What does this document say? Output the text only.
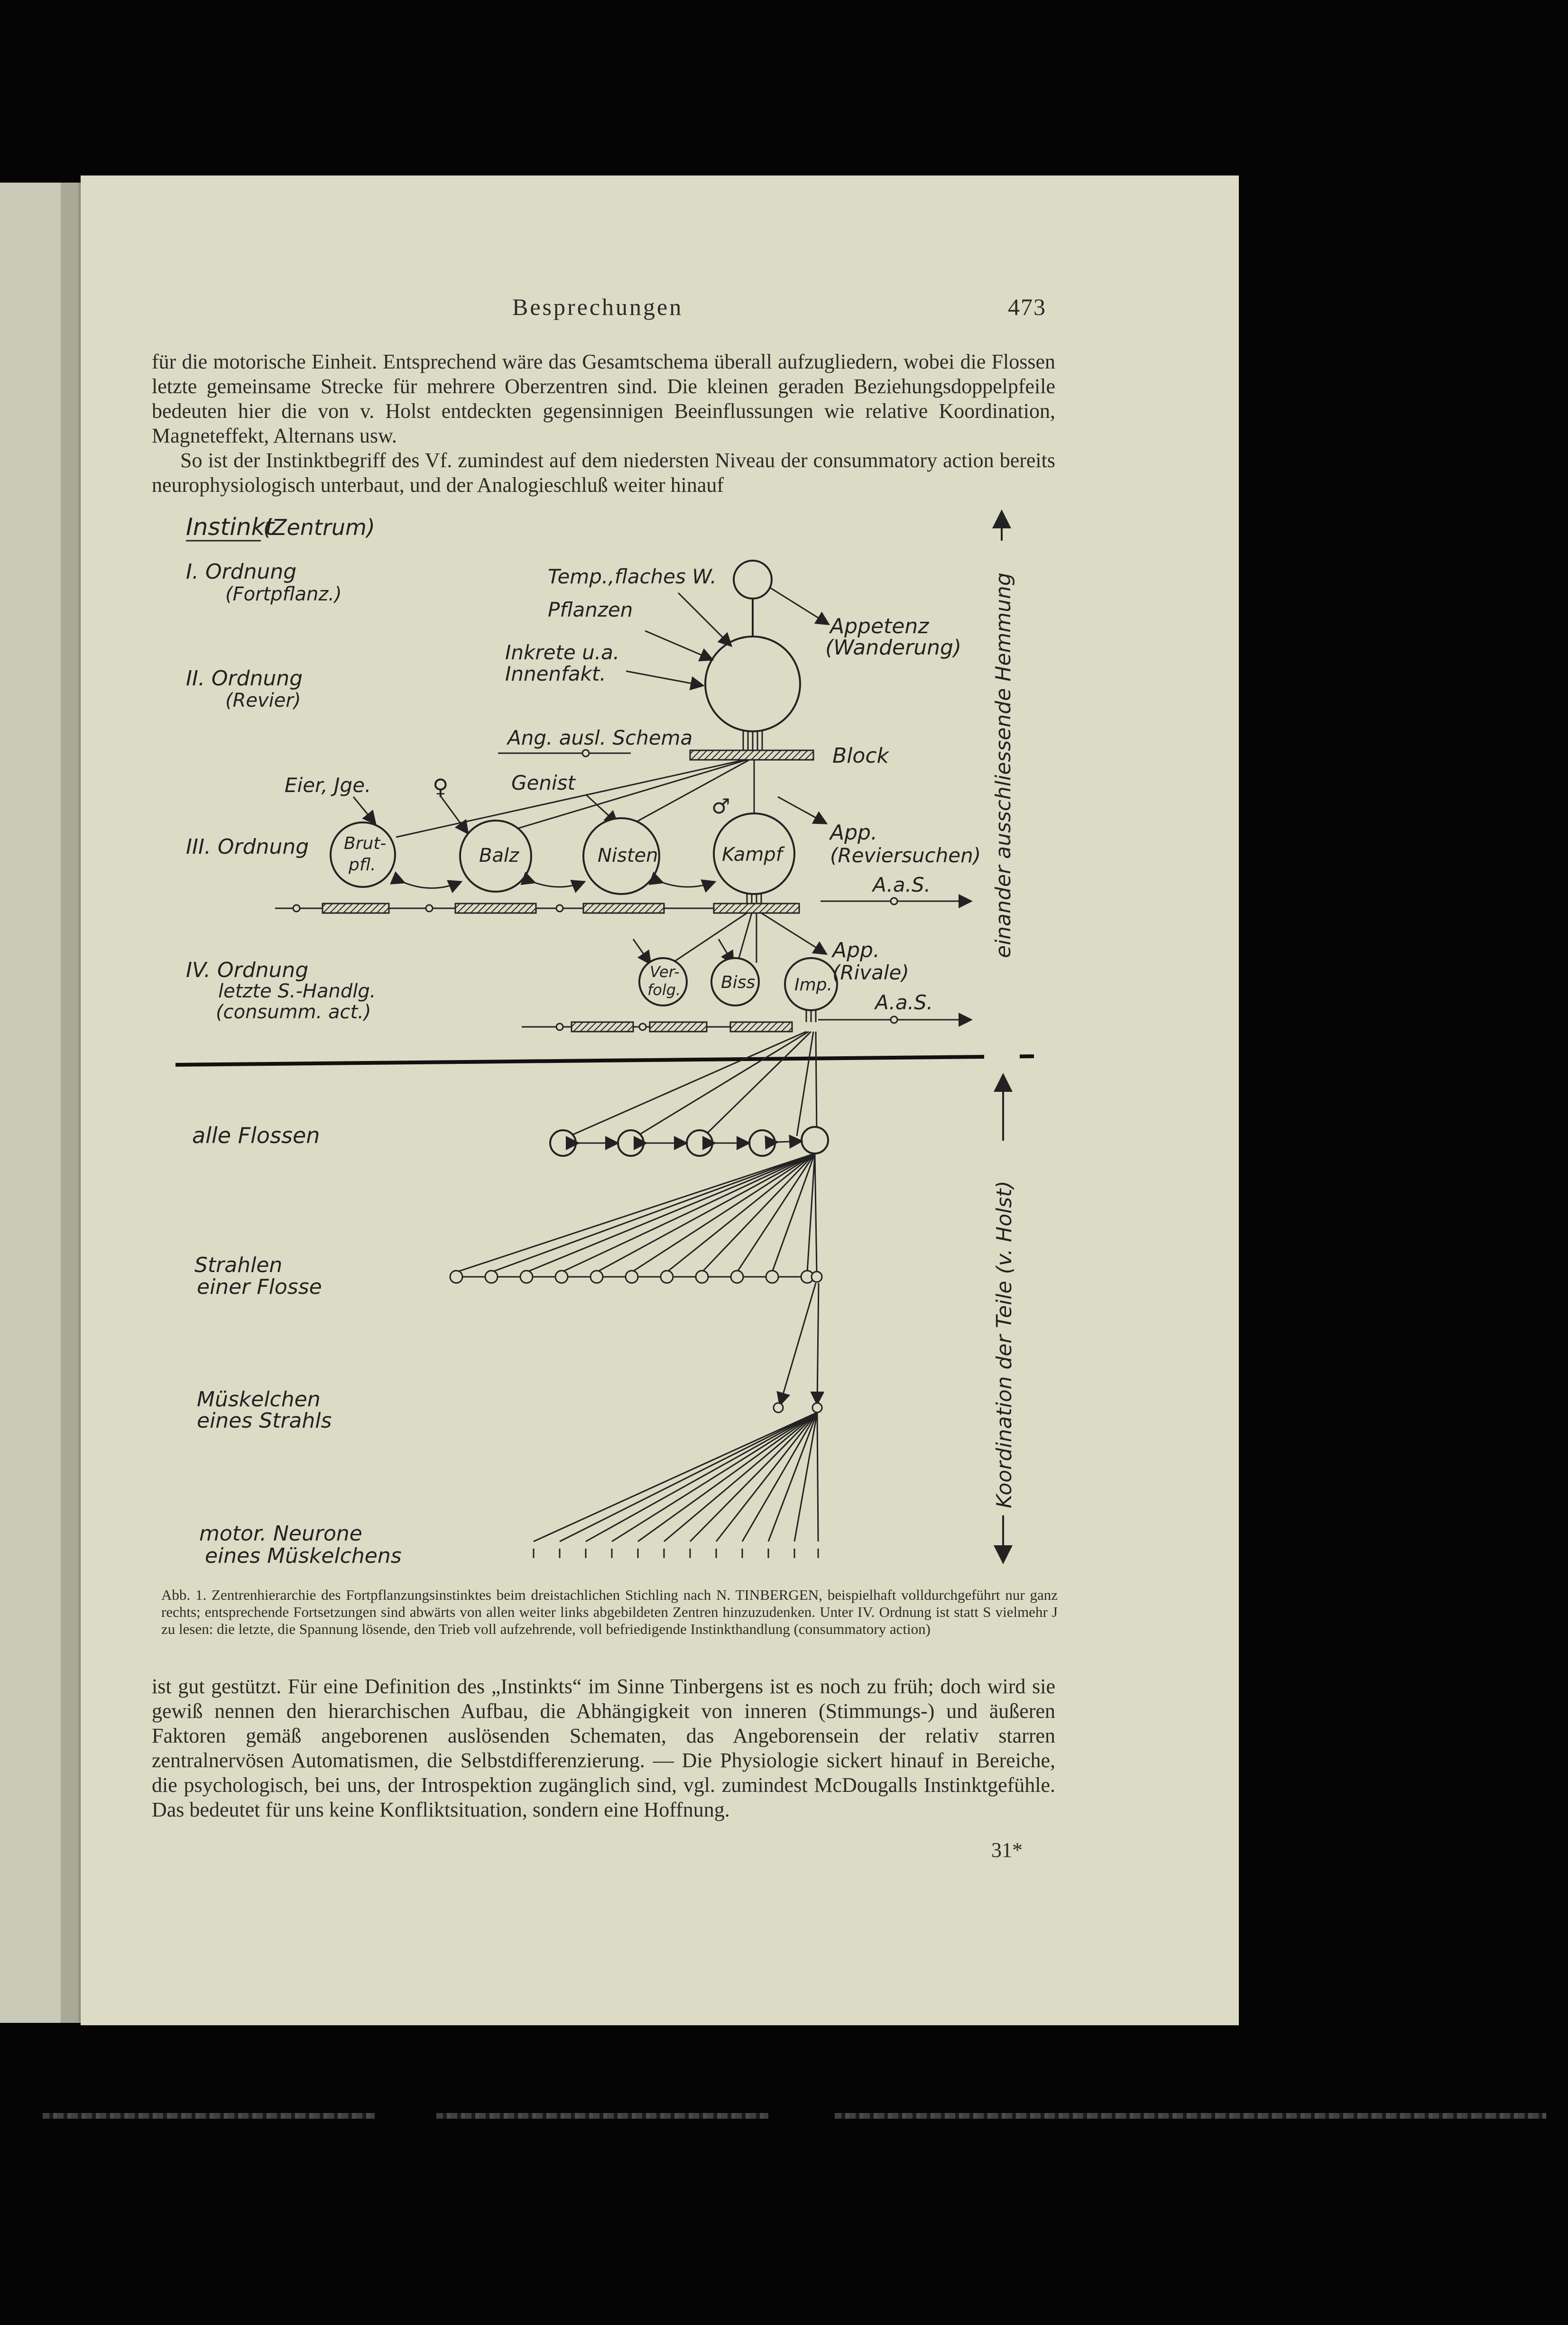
Besprechungen	473

für die motorische Einheit. Entsprechend wäre das Gesamtschema überall aufzugliedern, wobei die Flossen letzte gemeinsame Strecke für mehrere Oberzentren sind. Die kleinen geraden Beziehungsdoppelpfeile bedeuten hier die von v. Holst entdeckten gegensinnigen Beeinflussungen wie relative Koordination, Magneteffekt, Alternans usw.

So ist der Instinktbegriff des Vf. zumindest auf dem niedersten Niveau der consummatory action bereits neurophysiologisch unterbaut, und der Analogieschluß weiter hinauf

Instinkt
(Zentrum)
I. Ordnung
(Fortpflanz.)
II. Ordnung
(Revier)
III. Ordnung
IV. Ordnung
letzte S.-Handlg.
(consumm. act.)
Temp.,flaches W.
Pflanzen
Inkrete u.a.
Innenfakt.
Appetenz
(Wanderung)
Ang. ausl. Schema
Block
Eier, Jge.	♀	Genist
♂
Brut-
pfl.	Balz	Nisten	Kampf
App.
(Reviersuchen)
A.a.S.
Ver-
folg. Biss Imp.
App.
(Rivale)
A.a.S.
alle Flossen
Strahlen
einer Flosse
Müskelchen
eines Strahls
motor. Neurone
eines Müskelchens
einander ausschliessende Hemmung
Koordination der Teile (v. Holst)

Abb. 1. Zentrenhierarchie des Fortpflanzungsinstinktes beim dreistachlichen Stichling nach N. TINBERGEN, beispielhaft volldurchgeführt nur ganz rechts; entsprechende Fortsetzungen sind abwärts von allen weiter links abgebildeten Zentren hinzuzudenken. Unter IV. Ordnung ist statt S vielmehr J zu lesen: die letzte, die Spannung lösende, den Trieb voll aufzehrende, voll befriedigende Instinkthandlung (consummatory action)

ist gut gestützt. Für eine Definition des „Instinkts“ im Sinne Tinbergens ist es noch zu früh; doch wird sie gewiß nennen den hierarchischen Aufbau, die Abhängigkeit von inneren (Stimmungs-) und äußeren Faktoren gemäß angeborenen auslösenden Schematen, das Angeborensein der relativ starren zentralnervösen Automatismen, die Selbstdifferenzierung. — Die Physiologie sickert hinauf in Bereiche, die psychologisch, bei uns, der Introspektion zugänglich sind, vgl. zumindest McDougalls Instinktgefühle. Das bedeutet für uns keine Konfliktsituation, sondern eine Hoffnung.

31*
